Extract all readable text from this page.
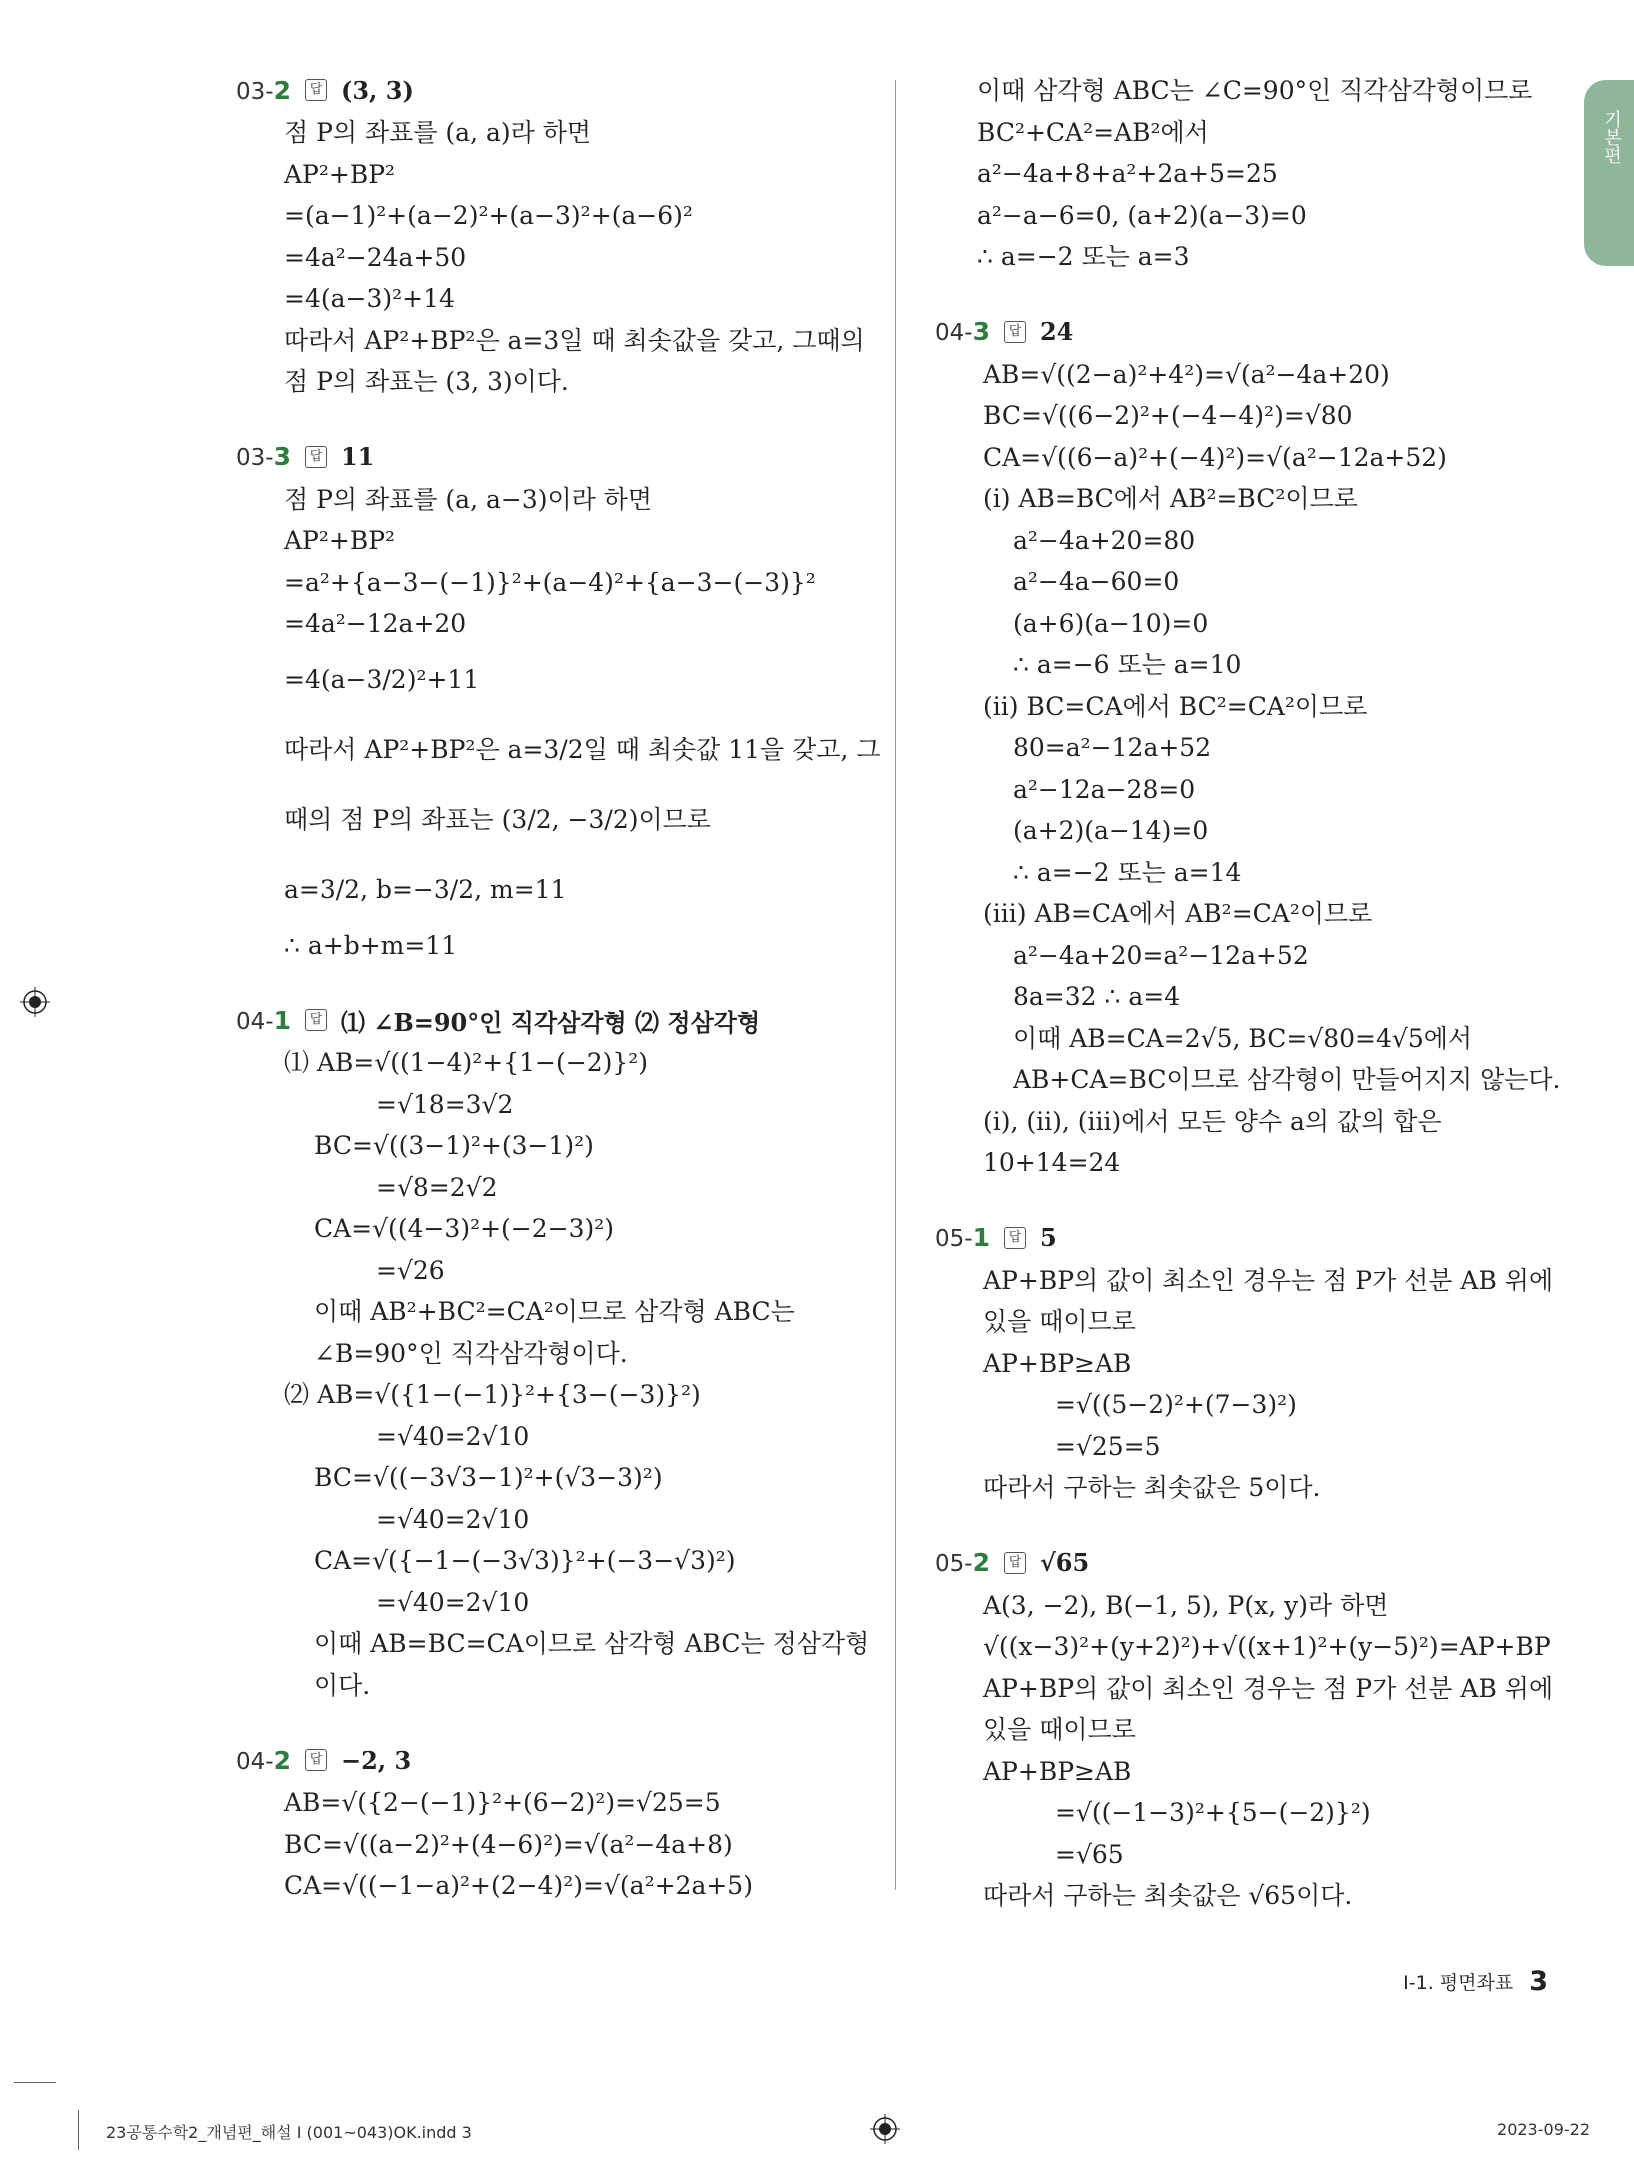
기본편
03-2	답 (3, 3)
점 P의 좌표를 (a, a)라 하면
AP²+BP²
=(a−1)²+(a−2)²+(a−3)²+(a−6)²
=4a²−24a+50
=4(a−3)²+14
따라서 AP²+BP²은 a=3일 때 최솟값을 갖고, 그때의
점 P의 좌표는 (3, 3)이다.
03-3	답 11
점 P의 좌표를 (a, a−3)이라 하면
AP²+BP²
=a²+{a−3−(−1)}²+(a−4)²+{a−3−(−3)}²
=4a²−12a+20
=4(a−3/2)²+11
따라서 AP²+BP²은 a=3/2일 때 최솟값 11을 갖고, 그
때의 점 P의 좌표는 (3/2, −3/2)이므로
a=3/2, b=−3/2, m=11
∴ a+b+m=11
04-1	답 ⑴ ∠B=90°인 직각삼각형 ⑵ 정삼각형
⑴ AB=√((1−4)²+{1−(−2)}²)
=√18=3√2
BC=√((3−1)²+(3−1)²)
=√8=2√2
CA=√((4−3)²+(−2−3)²)
=√26
이때 AB²+BC²=CA²이므로 삼각형 ABC는
∠B=90°인 직각삼각형이다.
⑵ AB=√({1−(−1)}²+{3−(−3)}²)
=√40=2√10
BC=√((−3√3−1)²+(√3−3)²)
=√40=2√10
CA=√({−1−(−3√3)}²+(−3−√3)²)
=√40=2√10
이때 AB=BC=CA이므로 삼각형 ABC는 정삼각형
이다.
04-2	답 −2, 3
AB=√({2−(−1)}²+(6−2)²)=√25=5
BC=√((a−2)²+(4−6)²)=√(a²−4a+8)
CA=√((−1−a)²+(2−4)²)=√(a²+2a+5)
이때 삼각형 ABC는 ∠C=90°인 직각삼각형이므로
BC²+CA²=AB²에서
a²−4a+8+a²+2a+5=25
a²−a−6=0, (a+2)(a−3)=0
∴ a=−2 또는 a=3
04-3	답 24
AB=√((2−a)²+4²)=√(a²−4a+20)
BC=√((6−2)²+(−4−4)²)=√80
CA=√((6−a)²+(−4)²)=√(a²−12a+52)
(ⅰ) AB=BC에서 AB²=BC²이므로
a²−4a+20=80
a²−4a−60=0
(a+6)(a−10)=0
∴ a=−6 또는 a=10
(ⅱ) BC=CA에서 BC²=CA²이므로
80=a²−12a+52
a²−12a−28=0
(a+2)(a−14)=0
∴ a=−2 또는 a=14
(ⅲ) AB=CA에서 AB²=CA²이므로
a²−4a+20=a²−12a+52
8a=32 ∴ a=4
이때 AB=CA=2√5, BC=√80=4√5에서
AB+CA=BC이므로 삼각형이 만들어지지 않는다.
(ⅰ), (ⅱ), (ⅲ)에서 모든 양수 a의 값의 합은
10+14=24
05-1	답 5
AP+BP의 값이 최소인 경우는 점 P가 선분 AB 위에
있을 때이므로
AP+BP≥AB
=√((5−2)²+(7−3)²)
=√25=5
따라서 구하는 최솟값은 5이다.
05-2	답 √65
A(3, −2), B(−1, 5), P(x, y)라 하면
√((x−3)²+(y+2)²)+√((x+1)²+(y−5)²)=AP+BP
AP+BP의 값이 최소인 경우는 점 P가 선분 AB 위에
있을 때이므로
AP+BP≥AB
=√((−1−3)²+{5−(−2)}²)
=√65
따라서 구하는 최솟값은 √65이다.
Ⅰ-1. 평면좌표 3
23공통수학2_개념편_해설 I (001~043)OK.indd 3	2023-09-22
